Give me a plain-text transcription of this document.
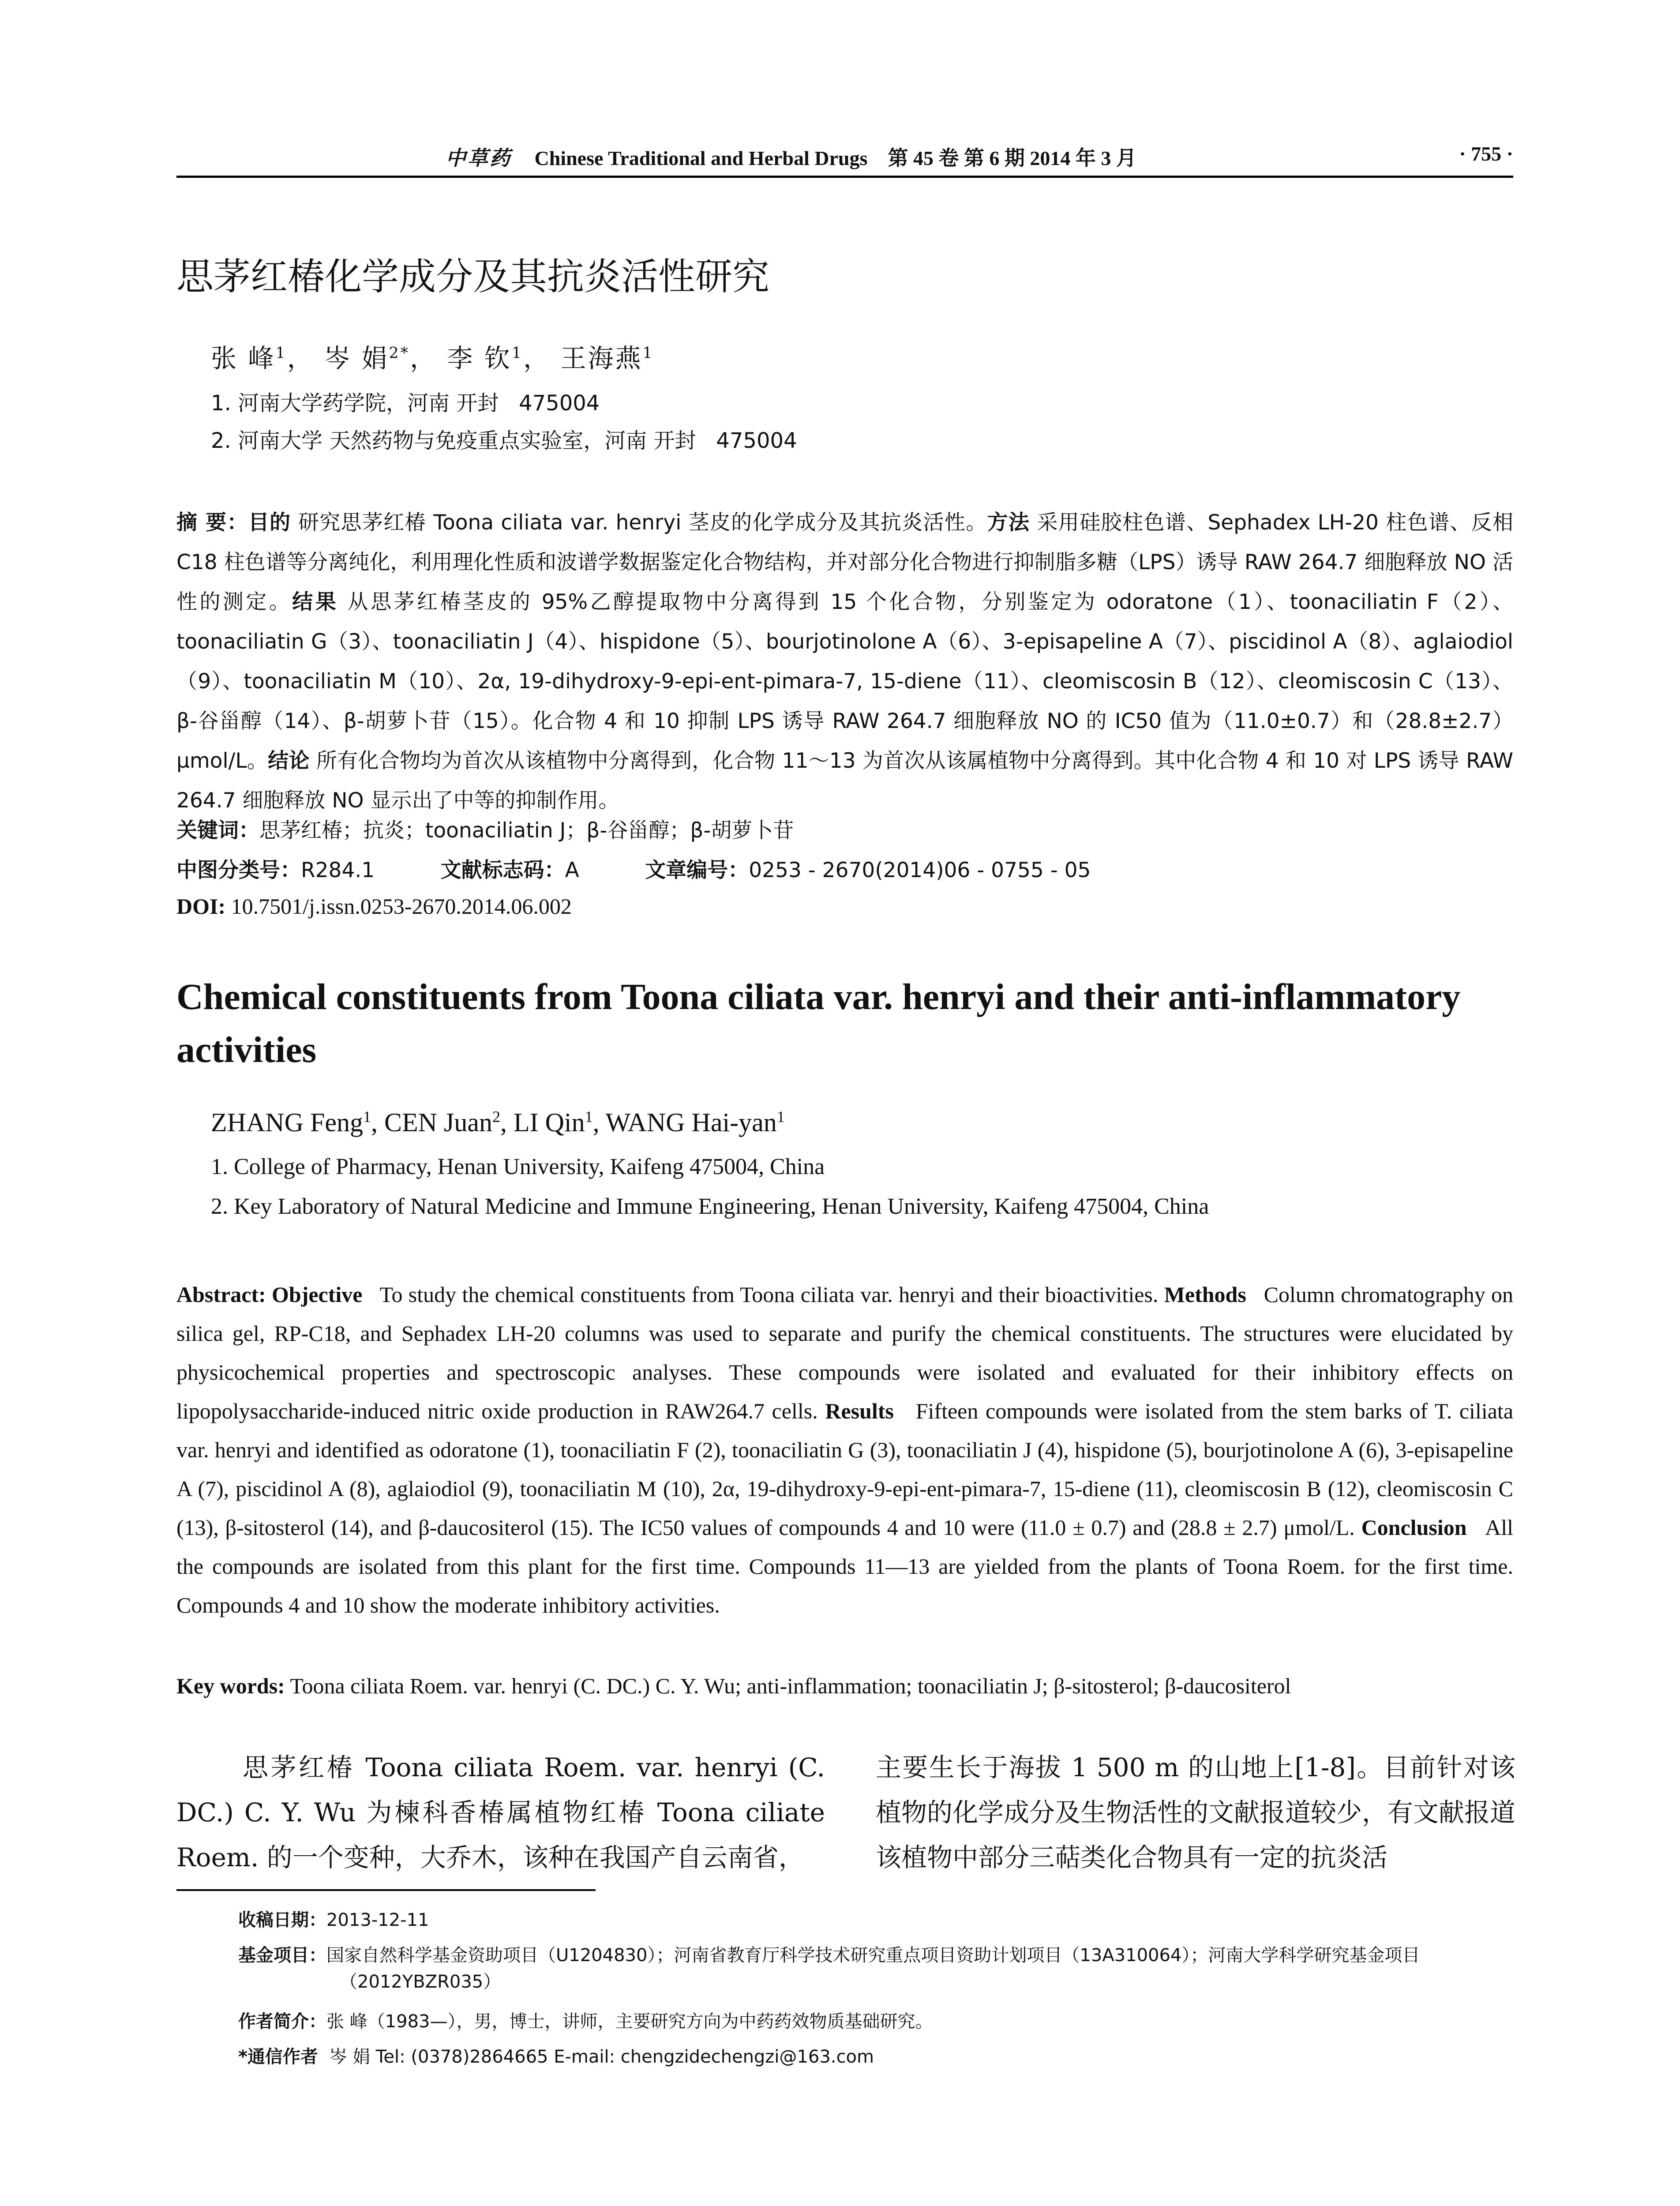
中草药 Chinese Traditional and Herbal Drugs 第 45 卷 第 6 期 2014 年 3 月	· 755 ·
思茅红椿化学成分及其抗炎活性研究
张 峰$^1$， 岑 娟$^{2*}$， 李 钦$^1$， 王海燕$^1$
1. 河南大学药学院，河南 开封   475004
2. 河南大学 天然药物与免疫重点实验室，河南 开封   475004
摘 要：目的 研究思茅红椿 Toona ciliata var. henryi 茎皮的化学成分及其抗炎活性。方法 采用硅胶柱色谱、Sephadex LH-20 柱色谱、反相 C18 柱色谱等分离纯化，利用理化性质和波谱学数据鉴定化合物结构，并对部分化合物进行抑制脂多糖（LPS）诱导 RAW 264.7 细胞释放 NO 活性的测定。结果 从思茅红椿茎皮的 95%乙醇提取物中分离得到 15 个化合物，分别鉴定为 odoratone（1）、toonaciliatin F（2）、toonaciliatin G（3）、toonaciliatin J（4）、hispidone（5）、bourjotinolone A（6）、3-episapeline A（7）、piscidinol A（8）、aglaiodiol（9）、toonaciliatin M（10）、2α, 19-dihydroxy-9-epi-ent-pimara-7, 15-diene（11）、cleomiscosin B（12）、cleomiscosin C（13）、β-谷甾醇（14）、β-胡萝卜苷（15）。化合物 4 和 10 抑制 LPS 诱导 RAW 264.7 细胞释放 NO 的 IC50 值为（11.0±0.7）和（28.8±2.7）μmol/L。结论 所有化合物均为首次从该植物中分离得到，化合物 11～13 为首次从该属植物中分离得到。其中化合物 4 和 10 对 LPS 诱导 RAW 264.7 细胞释放 NO 显示出了中等的抑制作用。
关键词：思茅红椿；抗炎；toonaciliatin J；β-谷甾醇；β-胡萝卜苷
中图分类号：R284.1	文献标志码：A	文章编号：0253 - 2670(2014)06 - 0755 - 05
DOI: 10.7501/j.issn.0253-2670.2014.06.002
Chemical constituents from Toona ciliata var. henryi and their anti-inflammatory activities
ZHANG Feng$^1$, CEN Juan$^2$, LI Qin$^1$, WANG Hai-yan$^1$
1. College of Pharmacy, Henan University, Kaifeng 475004, China
2. Key Laboratory of Natural Medicine and Immune Engineering, Henan University, Kaifeng 475004, China
Abstract: Objective To study the chemical constituents from Toona ciliata var. henryi and their bioactivities. Methods Column chromatography on silica gel, RP-C18, and Sephadex LH-20 columns was used to separate and purify the chemical constituents. The structures were elucidated by physicochemical properties and spectroscopic analyses. These compounds were isolated and evaluated for their inhibitory effects on lipopolysaccharide-induced nitric oxide production in RAW264.7 cells. Results Fifteen compounds were isolated from the stem barks of T. ciliata var. henryi and identified as odoratone (1), toonaciliatin F (2), toonaciliatin G (3), toonaciliatin J (4), hispidone (5), bourjotinolone A (6), 3-episapeline A (7), piscidinol A (8), aglaiodiol (9), toonaciliatin M (10), 2α, 19-dihydroxy-9-epi-ent-pimara-7, 15-diene (11), cleomiscosin B (12), cleomiscosin C (13), β-sitosterol (14), and β-daucositerol (15). The IC50 values of compounds 4 and 10 were (11.0 ± 0.7) and (28.8 ± 2.7) μmol/L. Conclusion All the compounds are isolated from this plant for the first time. Compounds 11—13 are yielded from the plants of Toona Roem. for the first time. Compounds 4 and 10 show the moderate inhibitory activities.
Key words: Toona ciliata Roem. var. henryi (C. DC.) C. Y. Wu; anti-inflammation; toonaciliatin J; β-sitosterol; β-daucositerol
思茅红椿 Toona ciliata Roem. var. henryi (C. DC.) C. Y. Wu 为楝科香椿属植物红椿 Toona ciliate Roem. 的一个变种，大乔木，该种在我国产自云南省，
主要生长于海拔 1 500 m 的山地上[1-8]。目前针对该植物的化学成分及生物活性的文献报道较少，有文献报道该植物中部分三萜类化合物具有一定的抗炎活
收稿日期：2013-12-11
基金项目：国家自然科学基金资助项目（U1204830）；河南省教育厅科学技术研究重点项目资助计划项目（13A310064）；河南大学科学研究基金项目（2012YBZR035）
作者简介：张 峰（1983—），男，博士，讲师，主要研究方向为中药药效物质基础研究。
*通信作者 岑 娟 Tel: (0378)2864665 E-mail: chengzidechengzi@163.com
